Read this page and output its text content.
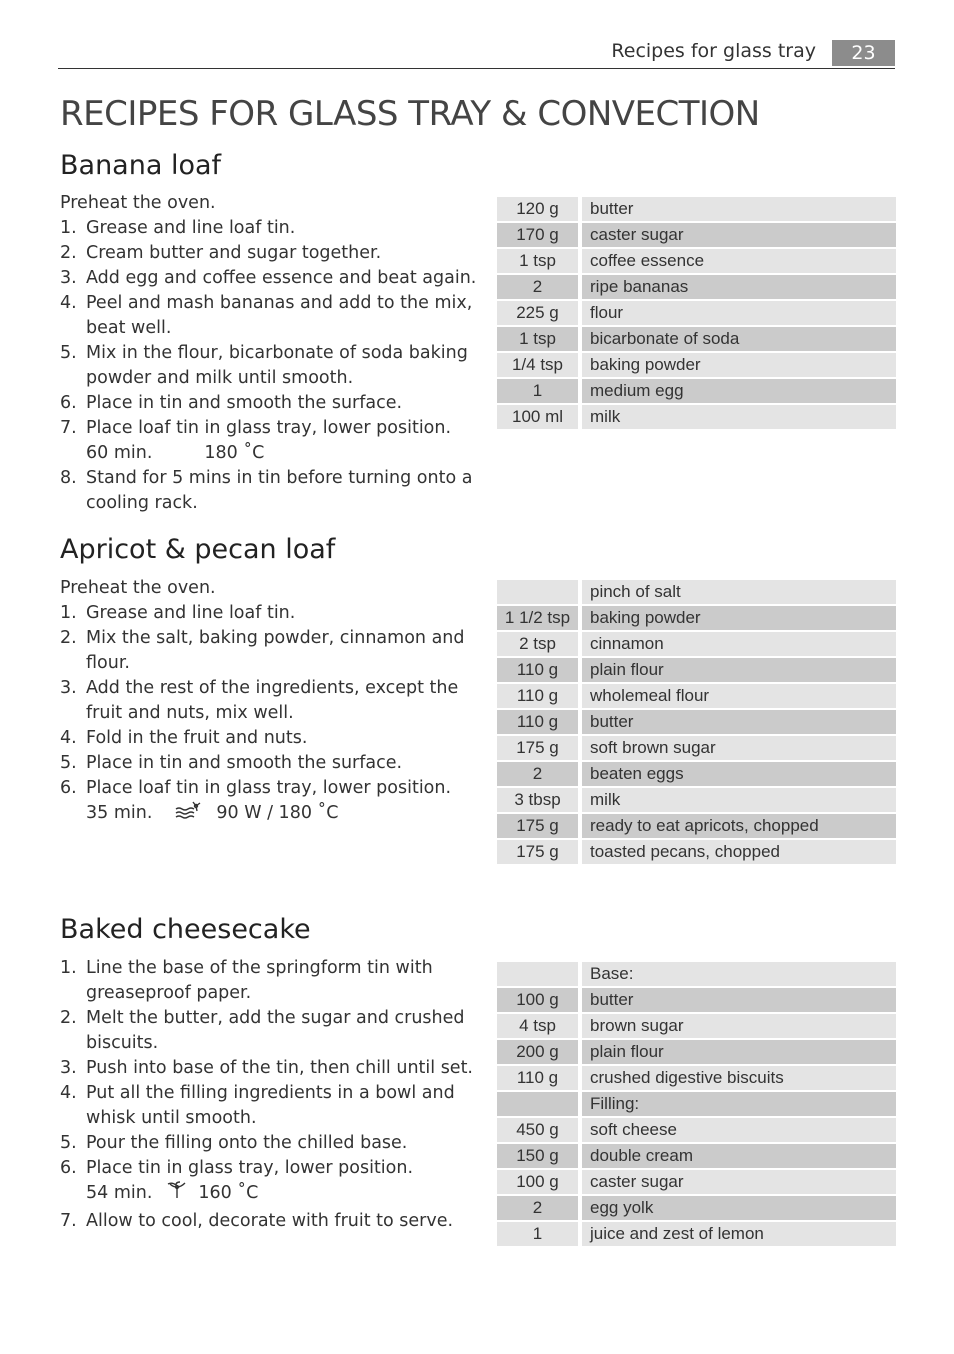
Recipes for glass tray	23
RECIPES FOR GLASS TRAY & CONVECTION
Banana loaf

Preheat the oven.

1. Grease and line loaf tin.
2. Cream butter and sugar together.
3. Add egg and coffee essence and beat again.
4. Peel and mash bananas and add to the mix, beat well.
5. Mix in the flour, bicarbonate of soda baking powder and milk until smooth.
6. Place in tin and smooth the surface.
7. Place loaf tin in glass tray, lower position.
60 min.	180 ˚C
8. Stand for 5 mins in tin before turning onto a cooling rack.
120 g	butter
170 g	caster sugar
1 tsp	coffee essence
2	ripe bananas
225 g	flour
1 tsp	bicarbonate of soda
1/4 tsp	baking powder
1	medium egg
100 ml	milk
Apricot & pecan loaf

Preheat the oven.

1. Grease and line loaf tin.
2. Mix the salt, baking powder, cinnamon and flour.
3. Add the rest of the ingredients, except the fruit and nuts, mix well.
4. Fold in the fruit and nuts.
5. Place in tin and smooth the surface.
6. Place loaf tin in glass tray, lower position.
35 min.	90 W / 180 ˚C
	pinch of salt
1 1/2 tsp	baking powder
2 tsp	cinnamon
110 g	plain flour
110 g	wholemeal flour
110 g	butter
175 g	soft brown sugar
2	beaten eggs
3 tbsp	milk
175 g	ready to eat apricots, chopped
175 g	toasted pecans, chopped
Baked cheesecake
1. Line the base of the springform tin with greaseproof paper.
2. Melt the butter, add the sugar and crushed biscuits.
3. Push into base of the tin, then chill until set.
4. Put all the filling ingredients in a bowl and whisk until smooth.
5. Pour the filling onto the chilled base.
6. Place tin in glass tray, lower position.
54 min.	160 ˚C
7. Allow to cool, decorate with fruit to serve.
	Base:
100 g	butter
4 tsp	brown sugar
200 g	plain flour
110 g	crushed digestive biscuits
	Filling:
450 g	soft cheese
150 g	double cream
100 g	caster sugar
2	egg yolk
1	juice and zest of lemon
